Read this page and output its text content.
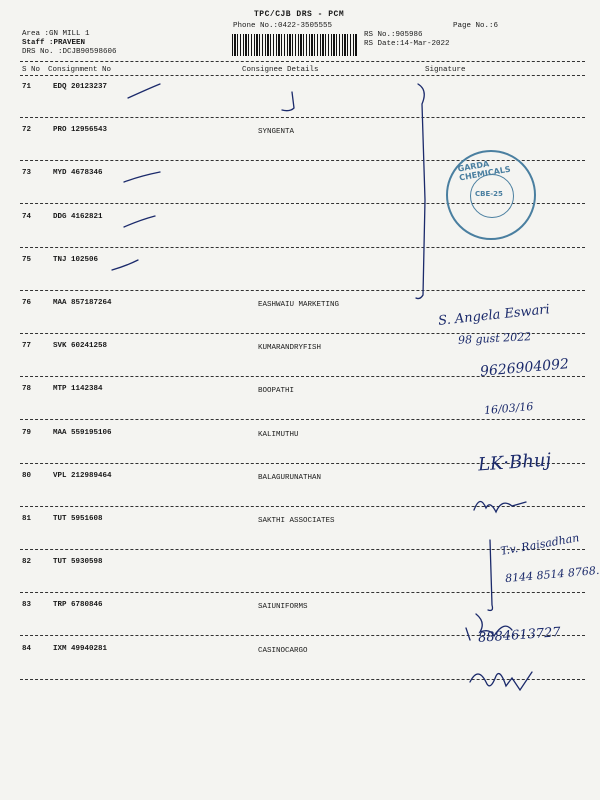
TPC/CJB DRS - PCM
Phone No.:0422-3505555	Page No.:6
Area :GN MILL 1
Staff :PRAVEEN
DRS No. :DCJB90598606
RS No.:905986
RS Date:14-Mar-2022
S No Consignment No	Consignee Details	Signature
71	EDQ 20123237
72	PRO 12956543	SYNGENTA
73	MYD 4678346
74	DDG 4162821
75	TNJ 102506
76	MAA 857187264	EASHWAIU MARKETING
77	SVK 60241258	KUMARANDRYFISH
78	MTP 1142384	BOOPATHI
79	MAA 559195106	KALIMUTHU
80	VPL 212989464	BALAGURUNATHAN
81	TUT 5951608	SAKTHI ASSOCIATES
82	TUT 5930598
83	TRP 6780846	SAIUNIFORMS
84	IXM 49940281	CASINOCARGO
GARDA CHEMICALS
CBE-25
S. Angela Eswari
98 gust 2022
9626904092
16/03/16
LK·Bhuj
T.v. Raisadhan
8144 8514 8768.
8884613727
